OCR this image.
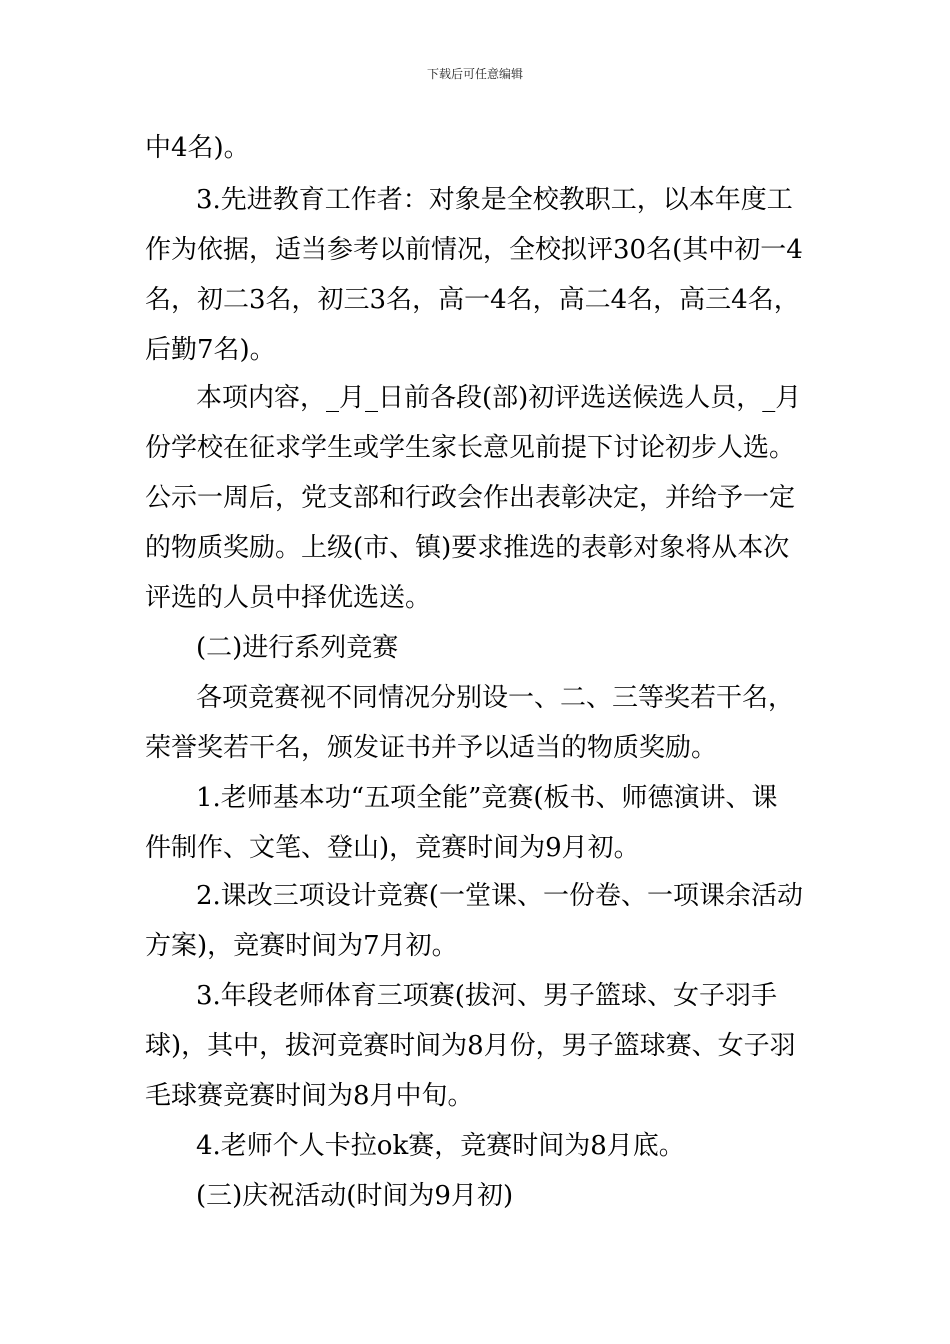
下载后可任意编辑
中4名)。
3.先进教育工作者：对象是全校教职工，以本年度工
作为依据，适当参考以前情况，全校拟评30名(其中初一4
名，初二3名，初三3名，高一4名，高二4名，高三4名，
后勤7名)。
本项内容，_月_日前各段(部)初评选送候选人员，_月
份学校在征求学生或学生家长意见前提下讨论初步人选。
公示一周后，党支部和行政会作出表彰决定，并给予一定
的物质奖励。上级(市、镇)要求推选的表彰对象将从本次
评选的人员中择优选送。
(二)进行系列竞赛
各项竞赛视不同情况分别设一、二、三等奖若干名，
荣誉奖若干名，颁发证书并予以适当的物质奖励。
1.老师基本功“五项全能”竞赛(板书、师德演讲、课
件制作、文笔、登山)，竞赛时间为9月初。
2.课改三项设计竞赛(一堂课、一份卷、一项课余活动
方案)，竞赛时间为7月初。
3.年段老师体育三项赛(拔河、男子篮球、女子羽手
球)，其中，拔河竞赛时间为8月份，男子篮球赛、女子羽
毛球赛竞赛时间为8月中旬。
4.老师个人卡拉ok赛，竞赛时间为8月底。
(三)庆祝活动(时间为9月初)
